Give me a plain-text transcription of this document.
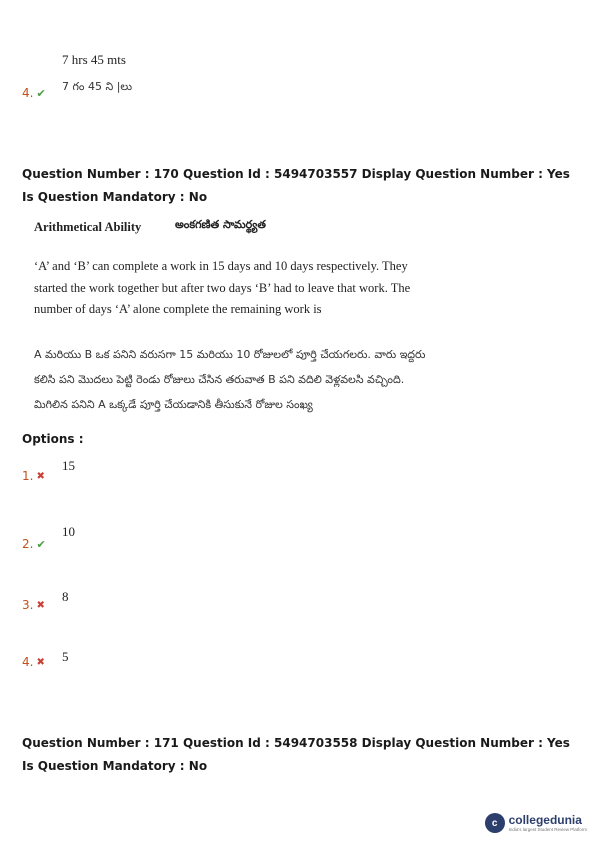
7 hrs 45 mts
4. ✔ 7 గం 45 ని |లు
Question Number : 170 Question Id : 5494703557 Display Question Number : Yes Is Question Mandatory : No
Arithmetical Ability	అంకగణిత సామర్థ్యత
‘A’ and ‘B’ can complete a work in 15 days and 10 days respectively. They started the work together but after two days ‘B’ had to leave that work. The number of days ‘A’ alone complete the remaining work is
A మరియు B ఒక పనిని వరుసగా 15 మరియు 10 రోజులలో పూర్తి చేయగలరు. వారు ఇద్దరు కలిసి పని మొదలు పెట్టి రెండు రోజులు చేసిన తరువాత B పని వదిలి వెళ్లవలసి వచ్చింది. మిగిలిన పనిని A ఒక్కడే పూర్తి చేయడానికి తీసుకునే రోజుల సంఖ్య
Options :
15
1. ✖
10
2. ✔
8
3. ✖
5
4. ✖
Question Number : 171 Question Id : 5494703558 Display Question Number : Yes Is Question Mandatory : No
c collegedunia
India's largest Student Review Platform
